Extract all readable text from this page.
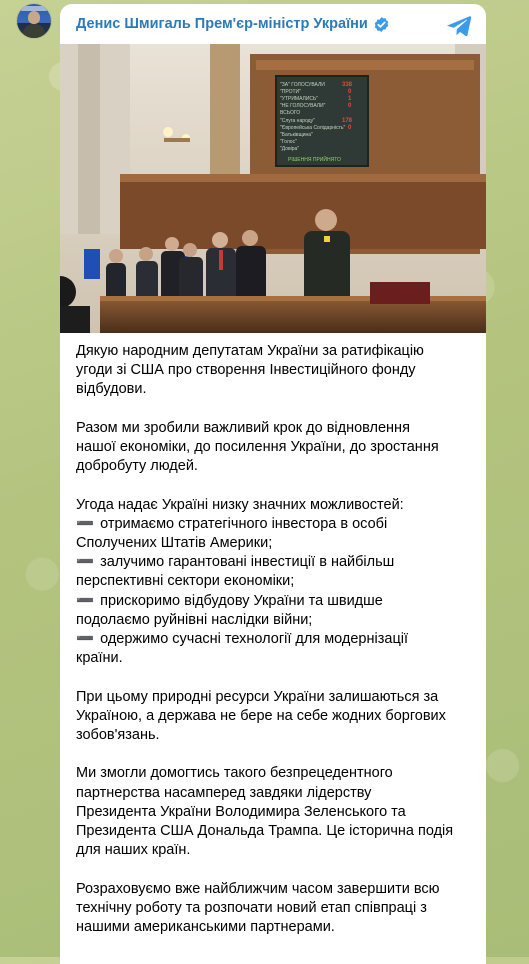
Денис Шмигаль Прем'єр-міністр України
"ЗА" ГОЛОСУВАЛИ
"ПРОТИ"
"УТРИМАЛИСЬ"
"НЕ ГОЛОСУВАЛИ"
ВСЬОГО
"Слуга народу"
"Європейська Солідарність"
"Батьківщина"
"Голос"
"Довіра"
338
0
1
0
178
0
РІШЕННЯ ПРИЙНЯТО

Дякую народним депутатам України за ратифікацію
угоди зі США про створення Інвестиційного фонду
відбудови.

Разом ми зробили важливий крок до відновлення
нашої економіки, до посилення України, до зростання
добробуту людей.

Угода надає Україні низку значних можливостей:
➖ отримаємо стратегічного інвестора в особі
Сполучених Штатів Америки;
➖ залучимо гарантовані інвестиції в найбільш
перспективні сектори економіки;
➖ прискоримо відбудову України та швидше
подолаємо руйнівні наслідки війни;
➖ одержимо сучасні технології для модернізації
країни.

При цьому природні ресурси України залишаються за
Україною, а держава не бере на себе жодних боргових
зобов'язань.

Ми змогли домогтись такого безпрецедентного
партнерства насамперед завдяки лідерству
Президента України Володимира Зеленського та
Президента США Дональда Трампа. Це історична подія
для наших країн.

Розраховуємо вже найближчим часом завершити всю
технічну роботу та розпочати новий етап співпраці з
нашими американськими партнерами.
